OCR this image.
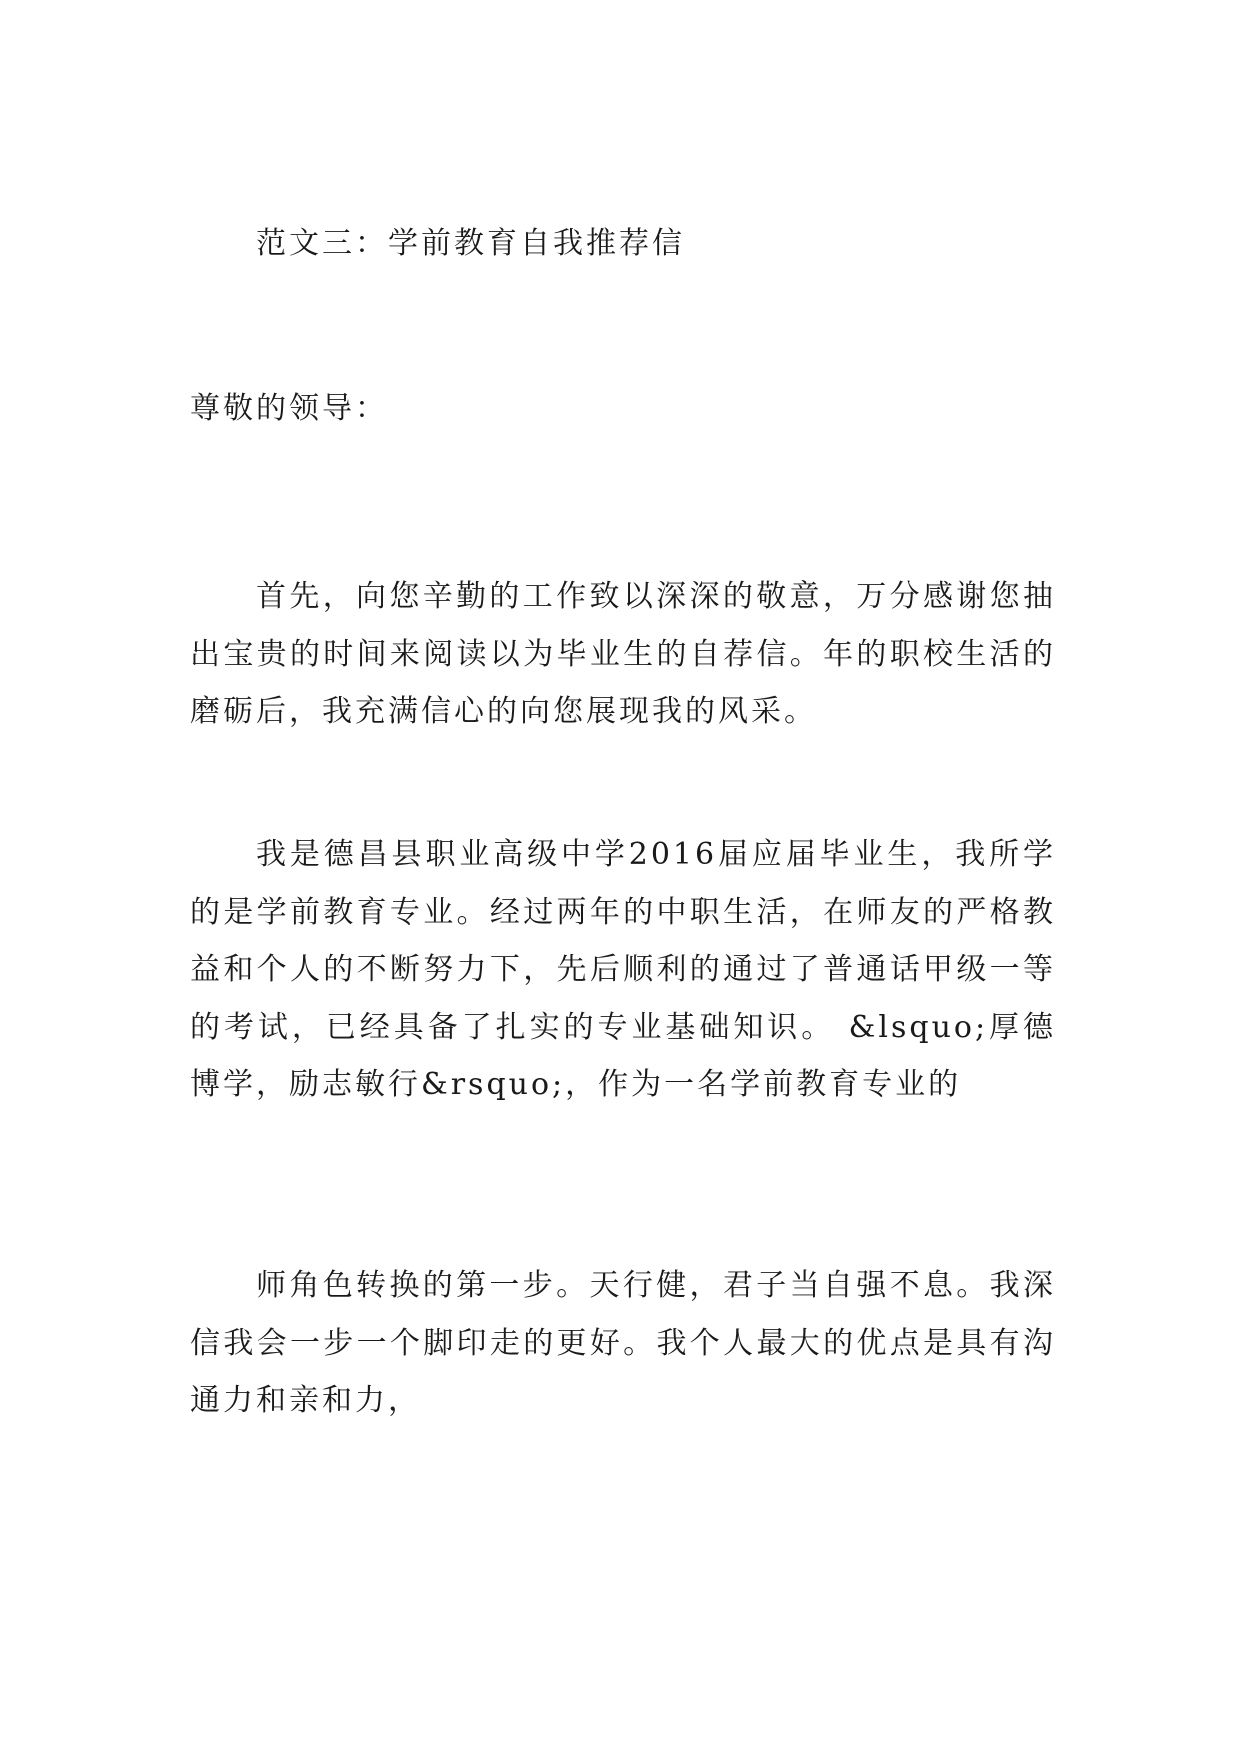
范文三：学前教育自我推荐信

尊敬的领导：

首先，向您辛勤的工作致以深深的敬意，万分感谢您抽出宝贵的时间来阅读以为毕业生的自荐信。年的职校生活的磨砺后，我充满信心的向您展现我的风采。

我是德昌县职业高级中学2016届应届毕业生，我所学的是学前教育专业。经过两年的中职生活，在师友的严格教益和个人的不断努力下，先后顺利的通过了普通话甲级一等的考试，已经具备了扎实的专业基础知识。 &lsquo;厚德博学，励志敏行&rsquo;，作为一名学前教育专业的

师角色转换的第一步。天行健，君子当自强不息。我深信我会一步一个脚印走的更好。我个人最大的优点是具有沟通力和亲和力，
